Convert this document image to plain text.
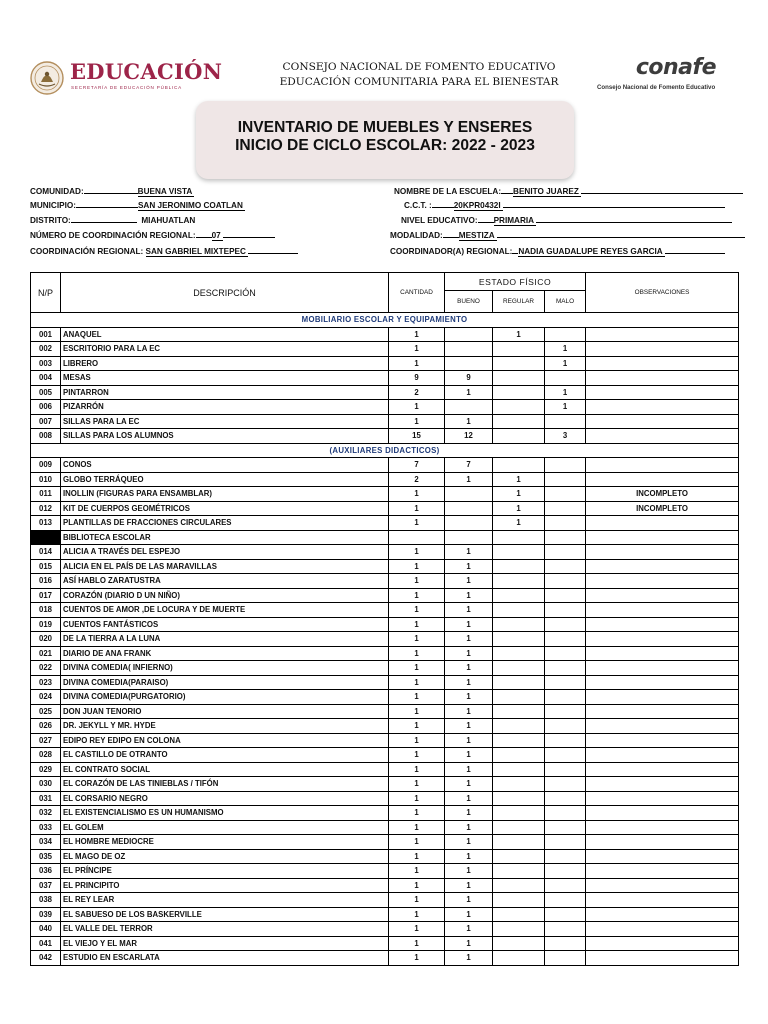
EDUCACIÓN
SECRETARÍA DE EDUCACIÓN PÚBLICA
CONSEJO NACIONAL DE FOMENTO EDUCATIVO
EDUCACIÓN COMUNITARIA PARA EL BIENESTAR
conafe
Consejo Nacional de Fomento Educativo
INVENTARIO DE MUEBLES Y ENSERES
INICIO DE CICLO ESCOLAR: 2022 - 2023
COMUNIDAD:	BUENA VISTA
MUNICIPIO:	SAN JERONIMO COATLAN
DISTRITO:	MIAHUATLAN
NÚMERO DE COORDINACIÓN REGIONAL: 07
COORDINACIÓN REGIONAL: SAN GABRIEL MIXTEPEC
NOMBRE DE LA ESCUELA: BENITO JUAREZ
C.C.T. :	20KPR0432I
NIVEL EDUCATIVO: PRIMARIA
MODALIDAD: MESTIZA
COORDINADOR(A) REGIONAL: NADIA GUADALUPE REYES GARCIA
N/P	DESCRIPCIÓN	CANTIDAD	ESTADO FÍSICO			OBSERVACIONES
			BUENO	REGULAR	MALO	
MOBILIARIO ESCOLAR Y EQUIPAMIENTO						
001	ANAQUEL	1		1		
002	ESCRITORIO PARA LA EC	1			1	
003	LIBRERO	1			1	
004	MESAS	9	9			
005	PINTARRON	2	1		1	
006	PIZARRÓN	1			1	
007	SILLAS PARA LA EC	1	1			
008	SILLAS PARA LOS ALUMNOS	15	12		3	
(AUXILIARES DIDACTICOS)						
009	CONOS	7	7			
010	GLOBO TERRÁQUEO	2	1	1		
011	INOLLIN (FIGURAS PARA ENSAMBLAR)	1		1		INCOMPLETO
012	KIT DE CUERPOS GEOMÉTRICOS	1		1		INCOMPLETO
013	PLANTILLAS DE FRACCIONES CIRCULARES	1		1		
	BIBLIOTECA ESCOLAR					
014	ALICIA A TRAVÉS DEL ESPEJO	1	1			
015	ALICIA EN EL PAÍS DE LAS MARAVILLAS	1	1			
016	ASÍ HABLO ZARATUSTRA	1	1			
017	CORAZÓN (DIARIO D UN NIÑO)	1	1			
018	CUENTOS DE AMOR ,DE LOCURA Y DE MUERTE	1	1			
019	CUENTOS FANTÁSTICOS	1	1			
020	DE LA TIERRA A LA LUNA	1	1			
021	DIARIO DE ANA FRANK	1	1			
022	DIVINA COMEDIA( INFIERNO)	1	1			
023	DIVINA COMEDIA(PARAISO)	1	1			
024	DIVINA COMEDIA(PURGATORIO)	1	1			
025	DON JUAN TENORIO	1	1			
026	DR. JEKYLL Y MR. HYDE	1	1			
027	EDIPO REY EDIPO EN COLONA	1	1			
028	EL CASTILLO DE OTRANTO	1	1			
029	EL CONTRATO SOCIAL	1	1			
030	EL CORAZÓN DE LAS TINIEBLAS / TIFÓN	1	1			
031	EL CORSARIO NEGRO	1	1			
032	EL EXISTENCIALISMO ES UN HUMANISMO	1	1			
033	EL GOLEM	1	1			
034	EL HOMBRE MEDIOCRE	1	1			
035	EL MAGO DE OZ	1	1			
036	EL PRÍNCIPE	1	1			
037	EL PRINCIPITO	1	1			
038	EL REY LEAR	1	1			
039	EL SABUESO DE LOS BASKERVILLE	1	1			
040	EL VALLE DEL TERROR	1	1			
041	EL VIEJO Y EL MAR	1	1			
042	ESTUDIO EN ESCARLATA	1	1			
